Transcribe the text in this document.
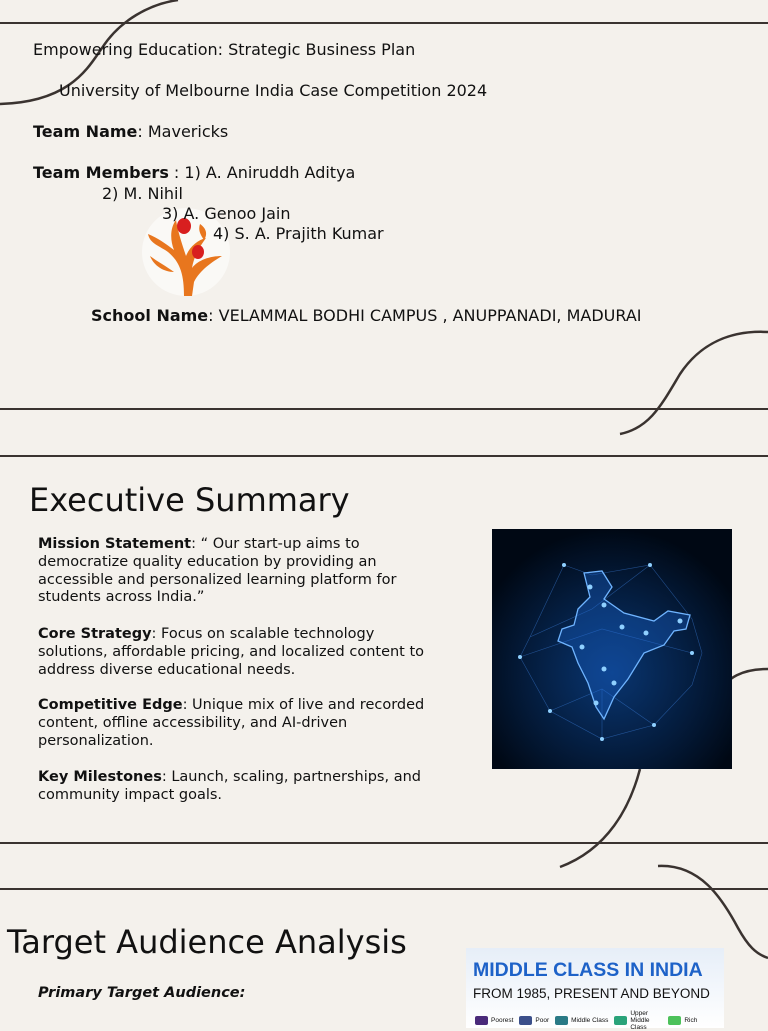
Empowering Education: Strategic Business Plan
University of Melbourne India Case Competition 2024
Team Name: Mavericks
Team Members : 1) A. Aniruddh Aditya
2) M. Nihil
3) A. Genoo Jain
4) S. A. Prajith Kumar
School Name: VELAMMAL BODHI CAMPUS , ANUPPANADI, MADURAI
Executive Summary
Mission Statement: “ Our start-up aims to democratize quality education by providing an accessible and personalized learning platform for students across India.”
Core Strategy: Focus on scalable technology solutions, affordable pricing, and localized content to address diverse educational needs.
Competitive Edge: Unique mix of live and recorded content, offline accessibility, and AI-driven personalization.
Key Milestones: Launch, scaling, partnerships, and community impact goals.
Target Audience Analysis
Primary Target Audience:
MIDDLE CLASS IN INDIA
FROM 1985, PRESENT AND BEYOND
Poorest	Poor	Middle Class
Upper Middle Class
Rich
